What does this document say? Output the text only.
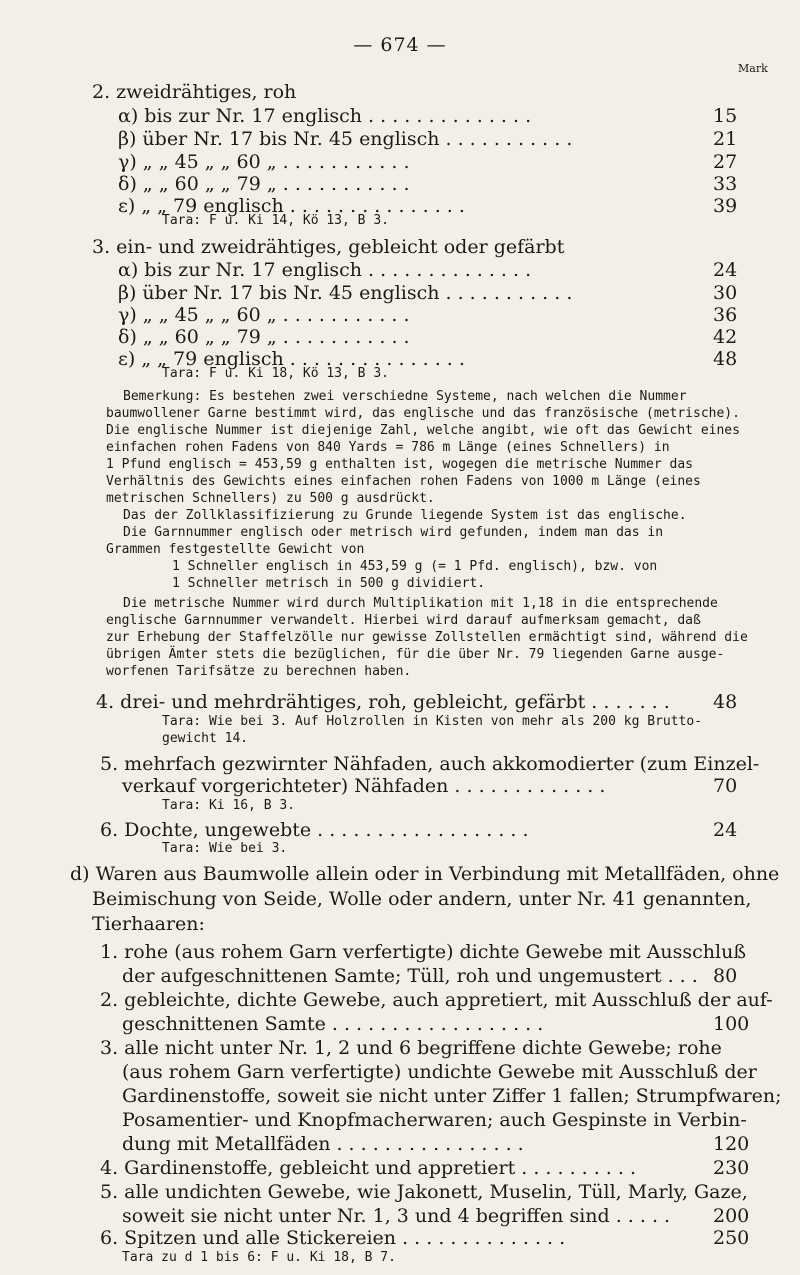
— 674 —
Mark
2. zweidrähtiges, roh
α) bis zur Nr. 17 englisch . . . . . . . . . . . . . .	15
β) über Nr. 17 bis Nr. 45 englisch . . . . . . . . . . .	21
γ) „ „ 45 „ „ 60 „ . . . . . . . . . . .	27
δ) „ „ 60 „ „ 79 „ . . . . . . . . . . .	33
ε) „ „ 79 englisch . . . . . . . . . . . . . . .	39
Tara: F u. Ki 14, Kö 13, B 3.
3. ein- und zweidrähtiges, gebleicht oder gefärbt
α) bis zur Nr. 17 englisch . . . . . . . . . . . . . .	24
β) über Nr. 17 bis Nr. 45 englisch . . . . . . . . . . .	30
γ) „ „ 45 „ „ 60 „ . . . . . . . . . . .	36
δ) „ „ 60 „ „ 79 „ . . . . . . . . . . .	42
ε) „ „ 79 englisch . . . . . . . . . . . . . . .	48
Tara: F u. Ki 18, Kö 13, B 3.
Bemerkung: Es bestehen zwei verschiedne Systeme, nach welchen die Nummer
baumwollener Garne bestimmt wird, das englische und das französische (metrische).
Die englische Nummer ist diejenige Zahl, welche angibt, wie oft das Gewicht eines
einfachen rohen Fadens von 840 Yards = 786 m Länge (eines Schnellers) in
1 Pfund englisch = 453,59 g enthalten ist, wogegen die metrische Nummer das
Verhältnis des Gewichts eines einfachen rohen Fadens von 1000 m Länge (eines
metrischen Schnellers) zu 500 g ausdrückt.
Das der Zollklassifizierung zu Grunde liegende System ist das englische.
Die Garnnummer englisch oder metrisch wird gefunden, indem man das in
Grammen festgestellte Gewicht von
1 Schneller englisch in 453,59 g (= 1 Pfd. englisch), bzw. von
1 Schneller metrisch in 500 g dividiert.
Die metrische Nummer wird durch Multiplikation mit 1,18 in die entsprechende
englische Garnnummer verwandelt. Hierbei wird darauf aufmerksam gemacht, daß
zur Erhebung der Staffelzölle nur gewisse Zollstellen ermächtigt sind, während die
übrigen Ämter stets die bezüglichen, für die über Nr. 79 liegenden Garne ausge-
worfenen Tarifsätze zu berechnen haben.
4. drei- und mehrdrähtiges, roh, gebleicht, gefärbt . . . . . . . 48
Tara: Wie bei 3. Auf Holzrollen in Kisten von mehr als 200 kg Brutto-
gewicht 14.
5. mehrfach gezwirnter Nähfaden, auch akkomodierter (zum Einzel-
verkauf vorgerichteter) Nähfaden . . . . . . . . . . . . .	70
Tara: Ki 16, B 3.
6. Dochte, ungewebte . . . . . . . . . . . . . . . . . .	24
Tara: Wie bei 3.
d) Waren aus Baumwolle allein oder in Verbindung mit Metallfäden, ohne
Beimischung von Seide, Wolle oder andern, unter Nr. 41 genannten,
Tierhaaren:
1. rohe (aus rohem Garn verfertigte) dichte Gewebe mit Ausschluß
der aufgeschnittenen Samte; Tüll, roh und ungemustert . . . 80
2. gebleichte, dichte Gewebe, auch appretiert, mit Ausschluß der auf-
geschnittenen Samte . . . . . . . . . . . . . . . . . .	100
3. alle nicht unter Nr. 1, 2 und 6 begriffene dichte Gewebe; rohe
(aus rohem Garn verfertigte) undichte Gewebe mit Ausschluß der
Gardinenstoffe, soweit sie nicht unter Ziffer 1 fallen; Strumpfwaren;
Posamentier- und Knopfmacherwaren; auch Gespinste in Verbin-
dung mit Metallfäden . . . . . . . . . . . . . . . .	120
4. Gardinenstoffe, gebleicht und appretiert . . . . . . . . . .	230
5. alle undichten Gewebe, wie Jakonett, Muselin, Tüll, Marly, Gaze,
soweit sie nicht unter Nr. 1, 3 und 4 begriffen sind . . . . . 200
6. Spitzen und alle Stickereien . . . . . . . . . . . . . .	250
Tara zu d 1 bis 6: F u. Ki 18, B 7.
